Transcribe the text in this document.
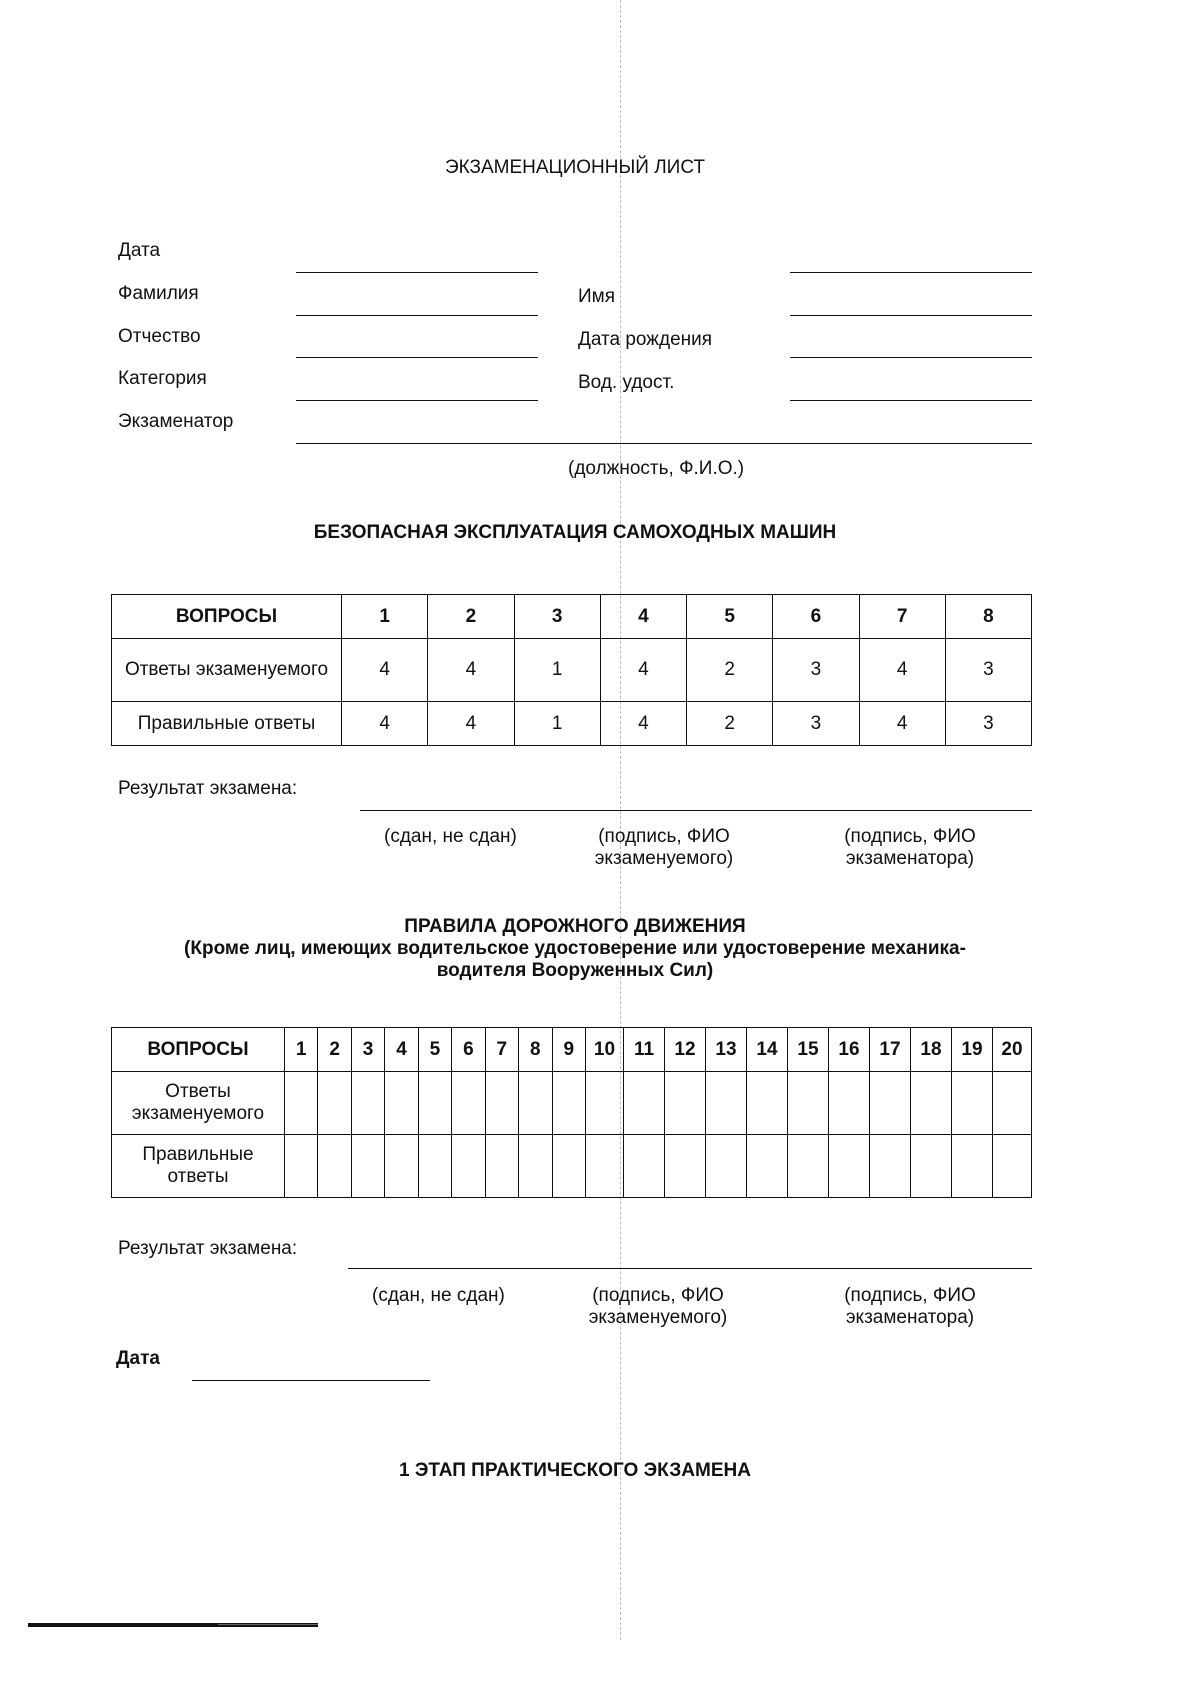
ЭКЗАМЕНАЦИОННЫЙ ЛИСТ
Дата
Фамилия
Отчество
Категория
Экзаменатор
(должность, Ф.И.О.)
Имя
Дата рождения
Вод. удост.
БЕЗОПАСНАЯ ЭКСПЛУАТАЦИЯ САМОХОДНЫХ МАШИН
ВОПРОСЫ	1	2	3	4	5	6	7	8
Ответы экзаменуемого	4	4	1	4	2	3	4	3
Правильные ответы	4	4	1	4	2	3	4	3
Результат экзамена:
(сдан, не сдан)	(подпись, ФИО экзаменуемого)
(подпись, ФИО экзаменатора)
ПРАВИЛА ДОРОЖНОГО ДВИЖЕНИЯ
(Кроме лиц, имеющих водительское удостоверение или удостоверение механика-водителя Вооруженных Сил)
ВОПРОСЫ	1	2	3	4	5	6	7	8	9	10	11	12	13	14	15	16	17	18	19	20
Ответы экзаменуемого																				
Правильные ответы																				
Результат экзамена:
(сдан, не сдан)	(подпись, ФИО экзаменуемого)
(подпись, ФИО экзаменатора)
Дата
1 ЭТАП ПРАКТИЧЕСКОГО ЭКЗАМЕНА
